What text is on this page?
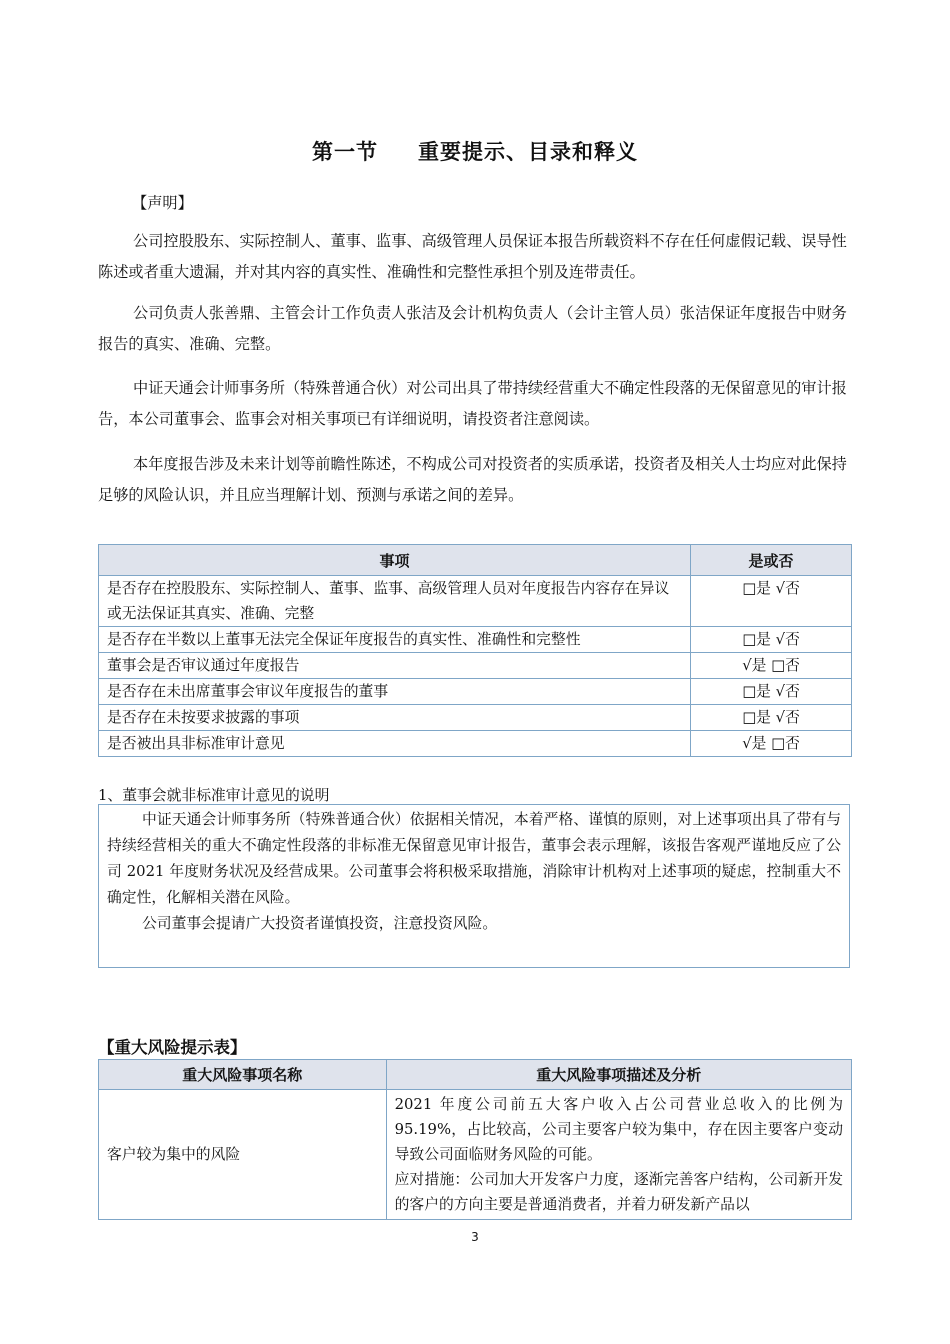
第一节 重要提示、目录和释义
【声明】
公司控股股东、实际控制人、董事、监事、高级管理人员保证本报告所载资料不存在任何虚假记载、误导性陈述或者重大遗漏，并对其内容的真实性、准确性和完整性承担个别及连带责任。
公司负责人张善鼎、主管会计工作负责人张洁及会计机构负责人（会计主管人员）张洁保证年度报告中财务报告的真实、准确、完整。
中证天通会计师事务所（特殊普通合伙）对公司出具了带持续经营重大不确定性段落的无保留意见的审计报告，本公司董事会、监事会对相关事项已有详细说明，请投资者注意阅读。
本年度报告涉及未来计划等前瞻性陈述，不构成公司对投资者的实质承诺，投资者及相关人士均应对此保持足够的风险认识，并且应当理解计划、预测与承诺之间的差异。
事项	是或否
是否存在控股股东、实际控制人、董事、监事、高级管理人员对年度报告内容存在异议或无法保证其真实、准确、完整	□是 √否
是否存在半数以上董事无法完全保证年度报告的真实性、准确性和完整性	□是 √否
董事会是否审议通过年度报告	√是 □否
是否存在未出席董事会审议年度报告的董事	□是 √否
是否存在未按要求披露的事项	□是 √否
是否被出具非标准审计意见	√是 □否
1、董事会就非标准审计意见的说明

中证天通会计师事务所（特殊普通合伙）依据相关情况，本着严格、谨慎的原则，对上述事项出具了带有与持续经营相关的重大不确定性段落的非标准无保留意见审计报告，董事会表示理解，该报告客观严谨地反应了公司 2021 年度财务状况及经营成果。公司董事会将积极采取措施，消除审计机构对上述事项的疑虑，控制重大不确定性，化解相关潜在风险。

公司董事会提请广大投资者谨慎投资，注意投资风险。

【重大风险提示表】
重大风险事项名称	重大风险事项描述及分析
客户较为集中的风险	2021 年度公司前五大客户收入占公司营业总收入的比例为 95.19%，占比较高，公司主要客户较为集中，存在因主要客户变动导致公司面临财务风险的可能。

应对措施：公司加大开发客户力度，逐渐完善客户结构，公司新开发的客户的方向主要是普通消费者，并着力研发新产品以

3
